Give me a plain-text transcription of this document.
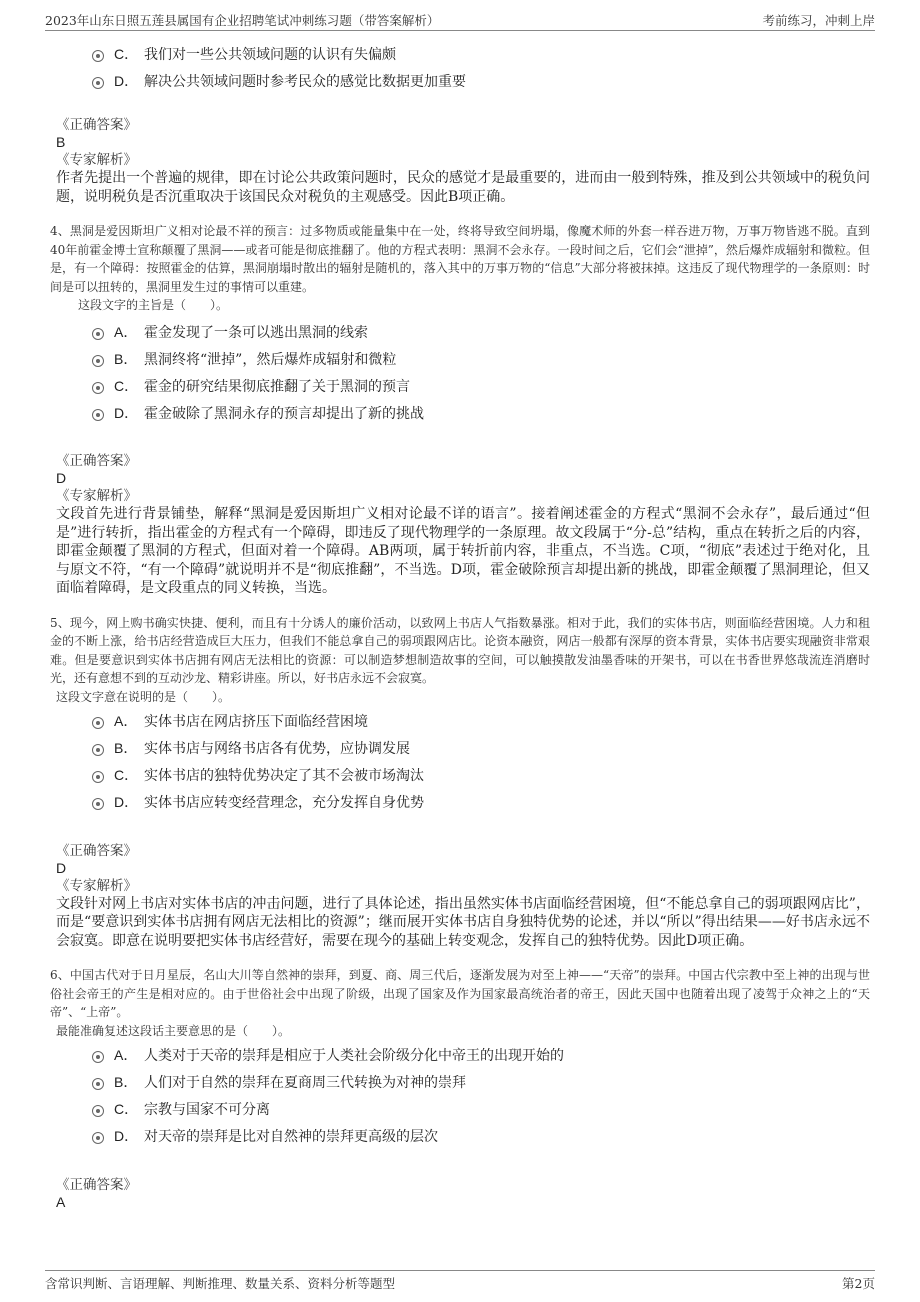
2023年山东日照五莲县属国有企业招聘笔试冲刺练习题（带答案解析）	考前练习，冲刺上岸
C． 我们对一些公共领域问题的认识有失偏颇
D． 解决公共领域问题时参考民众的感觉比数据更加重要
《正确答案》
B
《专家解析》
作者先提出一个普遍的规律，即在讨论公共政策问题时，民众的感觉才是最重要的，进而由一般到特殊，推及到公共领域中的税负问题，说明税负是否沉重取决于该国民众对税负的主观感受。因此B项正确。
4、黑洞是爱因斯坦广义相对论最不祥的预言：过多物质或能量集中在一处，终将导致空间坍塌，像魔术师的外套一样吞进万物，万事万物皆逃不脱。直到40年前霍金博士宣称颠覆了黑洞——或者可能是彻底推翻了。他的方程式表明：黑洞不会永存。一段时间之后，它们会“泄掉”，然后爆炸成辐射和微粒。但是，有一个障碍：按照霍金的估算，黑洞崩塌时散出的辐射是随机的，落入其中的万事万物的“信息”大部分将被抹掉。这违反了现代物理学的一条原则：时间是可以扭转的，黑洞里发生过的事情可以重建。
这段文字的主旨是（　　）。
A． 霍金发现了一条可以逃出黑洞的线索
B． 黑洞终将“泄掉”，然后爆炸成辐射和微粒
C． 霍金的研究结果彻底推翻了关于黑洞的预言
D． 霍金破除了黑洞永存的预言却提出了新的挑战
《正确答案》
D
《专家解析》
文段首先进行背景铺垫，解释“黑洞是爱因斯坦广义相对论最不详的语言”。接着阐述霍金的方程式“黑洞不会永存”，最后通过“但是”进行转折，指出霍金的方程式有一个障碍，即违反了现代物理学的一条原理。故文段属于“分-总”结构，重点在转折之后的内容，即霍金颠覆了黑洞的方程式，但面对着一个障碍。AB两项，属于转折前内容，非重点，不当选。C项，“彻底”表述过于绝对化，且与原文不符，“有一个障碍”就说明并不是“彻底推翻”，不当选。D项，霍金破除预言却提出新的挑战，即霍金颠覆了黑洞理论，但又面临着障碍，是文段重点的同义转换，当选。
5、现今，网上购书确实快捷、便利，而且有十分诱人的廉价活动，以致网上书店人气指数暴涨。相对于此，我们的实体书店，则面临经营困境。人力和租金的不断上涨，给书店经营造成巨大压力，但我们不能总拿自己的弱项跟网店比。论资本融资，网店一般都有深厚的资本背景，实体书店要实现融资非常艰难。但是要意识到实体书店拥有网店无法相比的资源：可以制造梦想制造故事的空间，可以触摸散发油墨香味的开架书，可以在书香世界悠哉流连消磨时光，还有意想不到的互动沙龙、精彩讲座。所以，好书店永远不会寂寞。
这段文字意在说明的是（　　）。
A． 实体书店在网店挤压下面临经营困境
B． 实体书店与网络书店各有优势，应协调发展
C． 实体书店的独特优势决定了其不会被市场淘汰
D． 实体书店应转变经营理念，充分发挥自身优势
《正确答案》
D
《专家解析》
文段针对网上书店对实体书店的冲击问题，进行了具体论述，指出虽然实体书店面临经营困境，但“不能总拿自己的弱项跟网店比”，而是“要意识到实体书店拥有网店无法相比的资源”；继而展开实体书店自身独特优势的论述，并以“所以”得出结果——好书店永远不会寂寞。即意在说明要把实体书店经营好，需要在现今的基础上转变观念，发挥自己的独特优势。因此D项正确。
6、中国古代对于日月星辰，名山大川等自然神的崇拜，到夏、商、周三代后，逐渐发展为对至上神——“天帝”的崇拜。中国古代宗教中至上神的出现与世俗社会帝王的产生是相对应的。由于世俗社会中出现了阶级，出现了国家及作为国家最高统治者的帝王，因此天国中也随着出现了凌驾于众神之上的“天帝”、“上帝”。
最能准确复述这段话主要意思的是（　　）。
A． 人类对于天帝的崇拜是相应于人类社会阶级分化中帝王的出现开始的
B． 人们对于自然的崇拜在夏商周三代转换为对神的崇拜
C． 宗教与国家不可分离
D． 对天帝的崇拜是比对自然神的崇拜更高级的层次
《正确答案》
A
含常识判断、言语理解、判断推理、数量关系、资料分析等题型	第2页
